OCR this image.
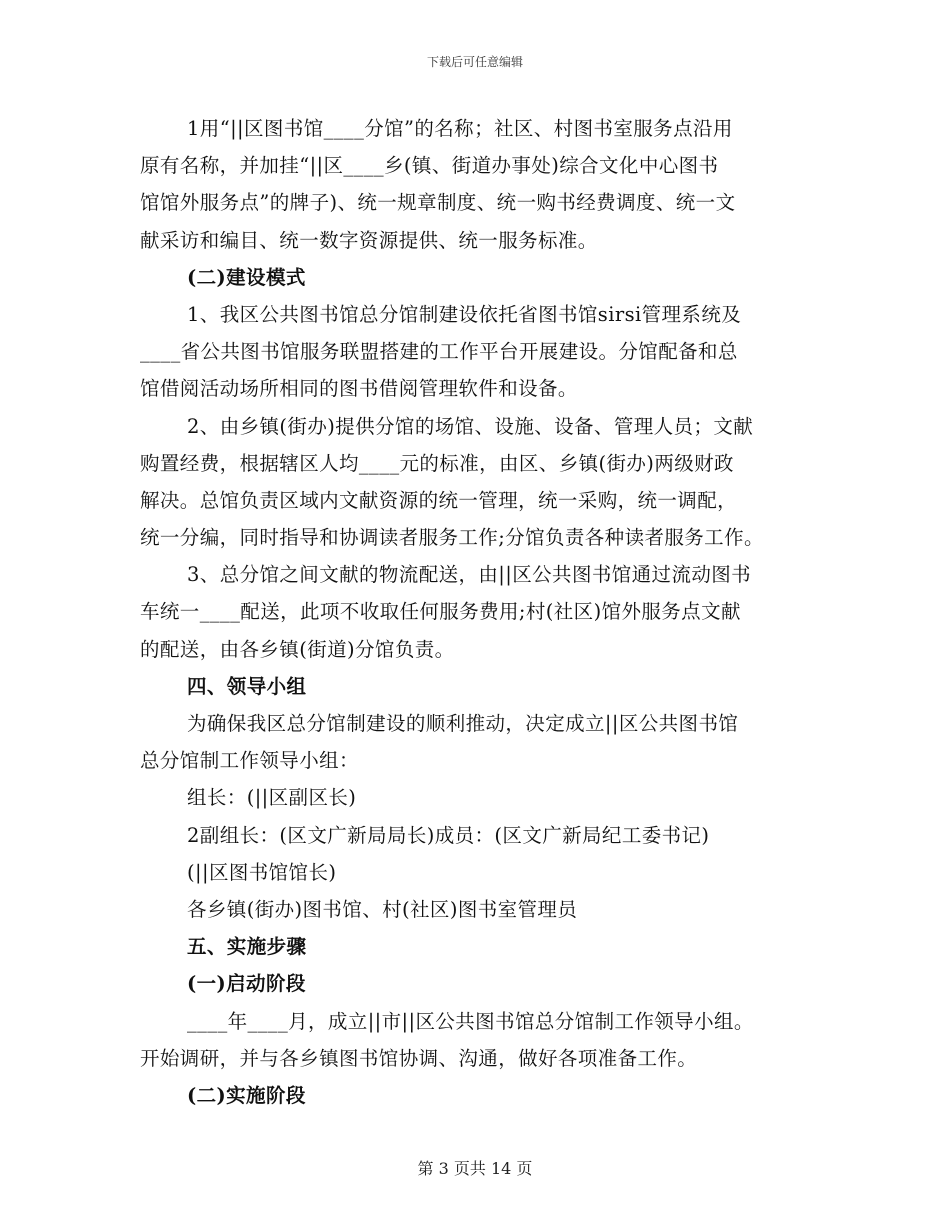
下载后可任意编辑
1用“||区图书馆____分馆”的名称；社区、村图书室服务点沿用
原有名称，并加挂“||区____乡(镇、街道办事处)综合文化中心图书
馆馆外服务点”的牌子)、统一规章制度、统一购书经费调度、统一文
献采访和编目、统一数字资源提供、统一服务标准。
(二)建设模式
1、我区公共图书馆总分馆制建设依托省图书馆sirsi管理系统及
____省公共图书馆服务联盟搭建的工作平台开展建设。分馆配备和总
馆借阅活动场所相同的图书借阅管理软件和设备。
2、由乡镇(街办)提供分馆的场馆、设施、设备、管理人员；文献
购置经费，根据辖区人均____元的标准，由区、乡镇(街办)两级财政
解决。总馆负责区域内文献资源的统一管理，统一采购，统一调配，
统一分编，同时指导和协调读者服务工作;分馆负责各种读者服务工作。
3、总分馆之间文献的物流配送，由||区公共图书馆通过流动图书
车统一____配送，此项不收取任何服务费用;村(社区)馆外服务点文献
的配送，由各乡镇(街道)分馆负责。
四、领导小组
为确保我区总分馆制建设的顺利推动，决定成立||区公共图书馆
总分馆制工作领导小组：
组长：(||区副区长)
2副组长：(区文广新局局长)成员：(区文广新局纪工委书记)
(||区图书馆馆长)
各乡镇(街办)图书馆、村(社区)图书室管理员
五、实施步骤
(一)启动阶段
____年____月，成立||市||区公共图书馆总分馆制工作领导小组。
开始调研，并与各乡镇图书馆协调、沟通，做好各项准备工作。
(二)实施阶段
第 3 页共 14 页
